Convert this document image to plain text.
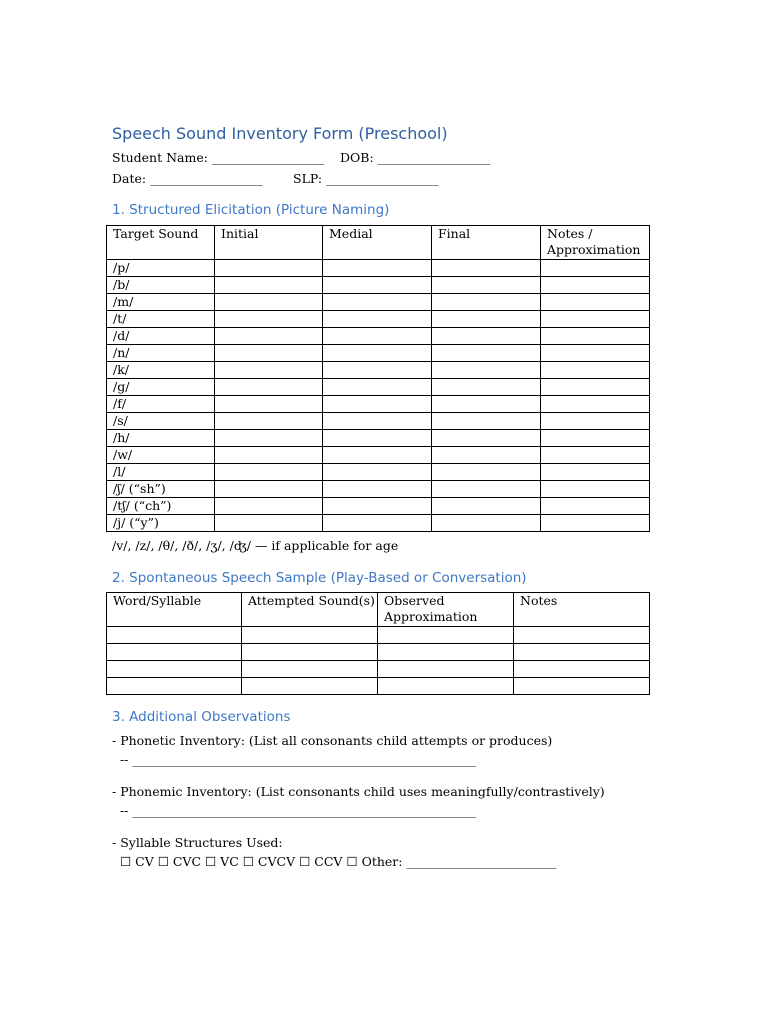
Speech Sound Inventory Form (Preschool)
Student Name: __________________ DOB: __________________
Date: __________________ SLP: __________________
1. Structured Elicitation (Picture Naming)
Target Sound	Initial	Medial	Final	Notes / Approximation
/p/				
/b/				
/m/				
/t/				
/d/				
/n/				
/k/				
/g/				
/f/				
/s/				
/h/				
/w/				
/l/				
/ʃ/ (“sh”)				
/tʃ/ (“ch”)				
/j/ (“y”)				
/v/, /z/, /θ/, /ð/, /ʒ/, /ʤ/ — if applicable for age
2. Spontaneous Speech Sample (Play-Based or Conversation)
Word/Syllable	Attempted Sound(s)	Observed Approximation	Notes

3. Additional Observations
- Phonetic Inventory: (List all consonants child attempts or produces)
-- _______________________________________________________
- Phonemic Inventory: (List consonants child uses meaningfully/contrastively)
-- _______________________________________________________
- Syllable Structures Used:
☐ CV ☐ CVC ☐ VC ☐ CVCV ☐ CCV ☐ Other: ________________________
